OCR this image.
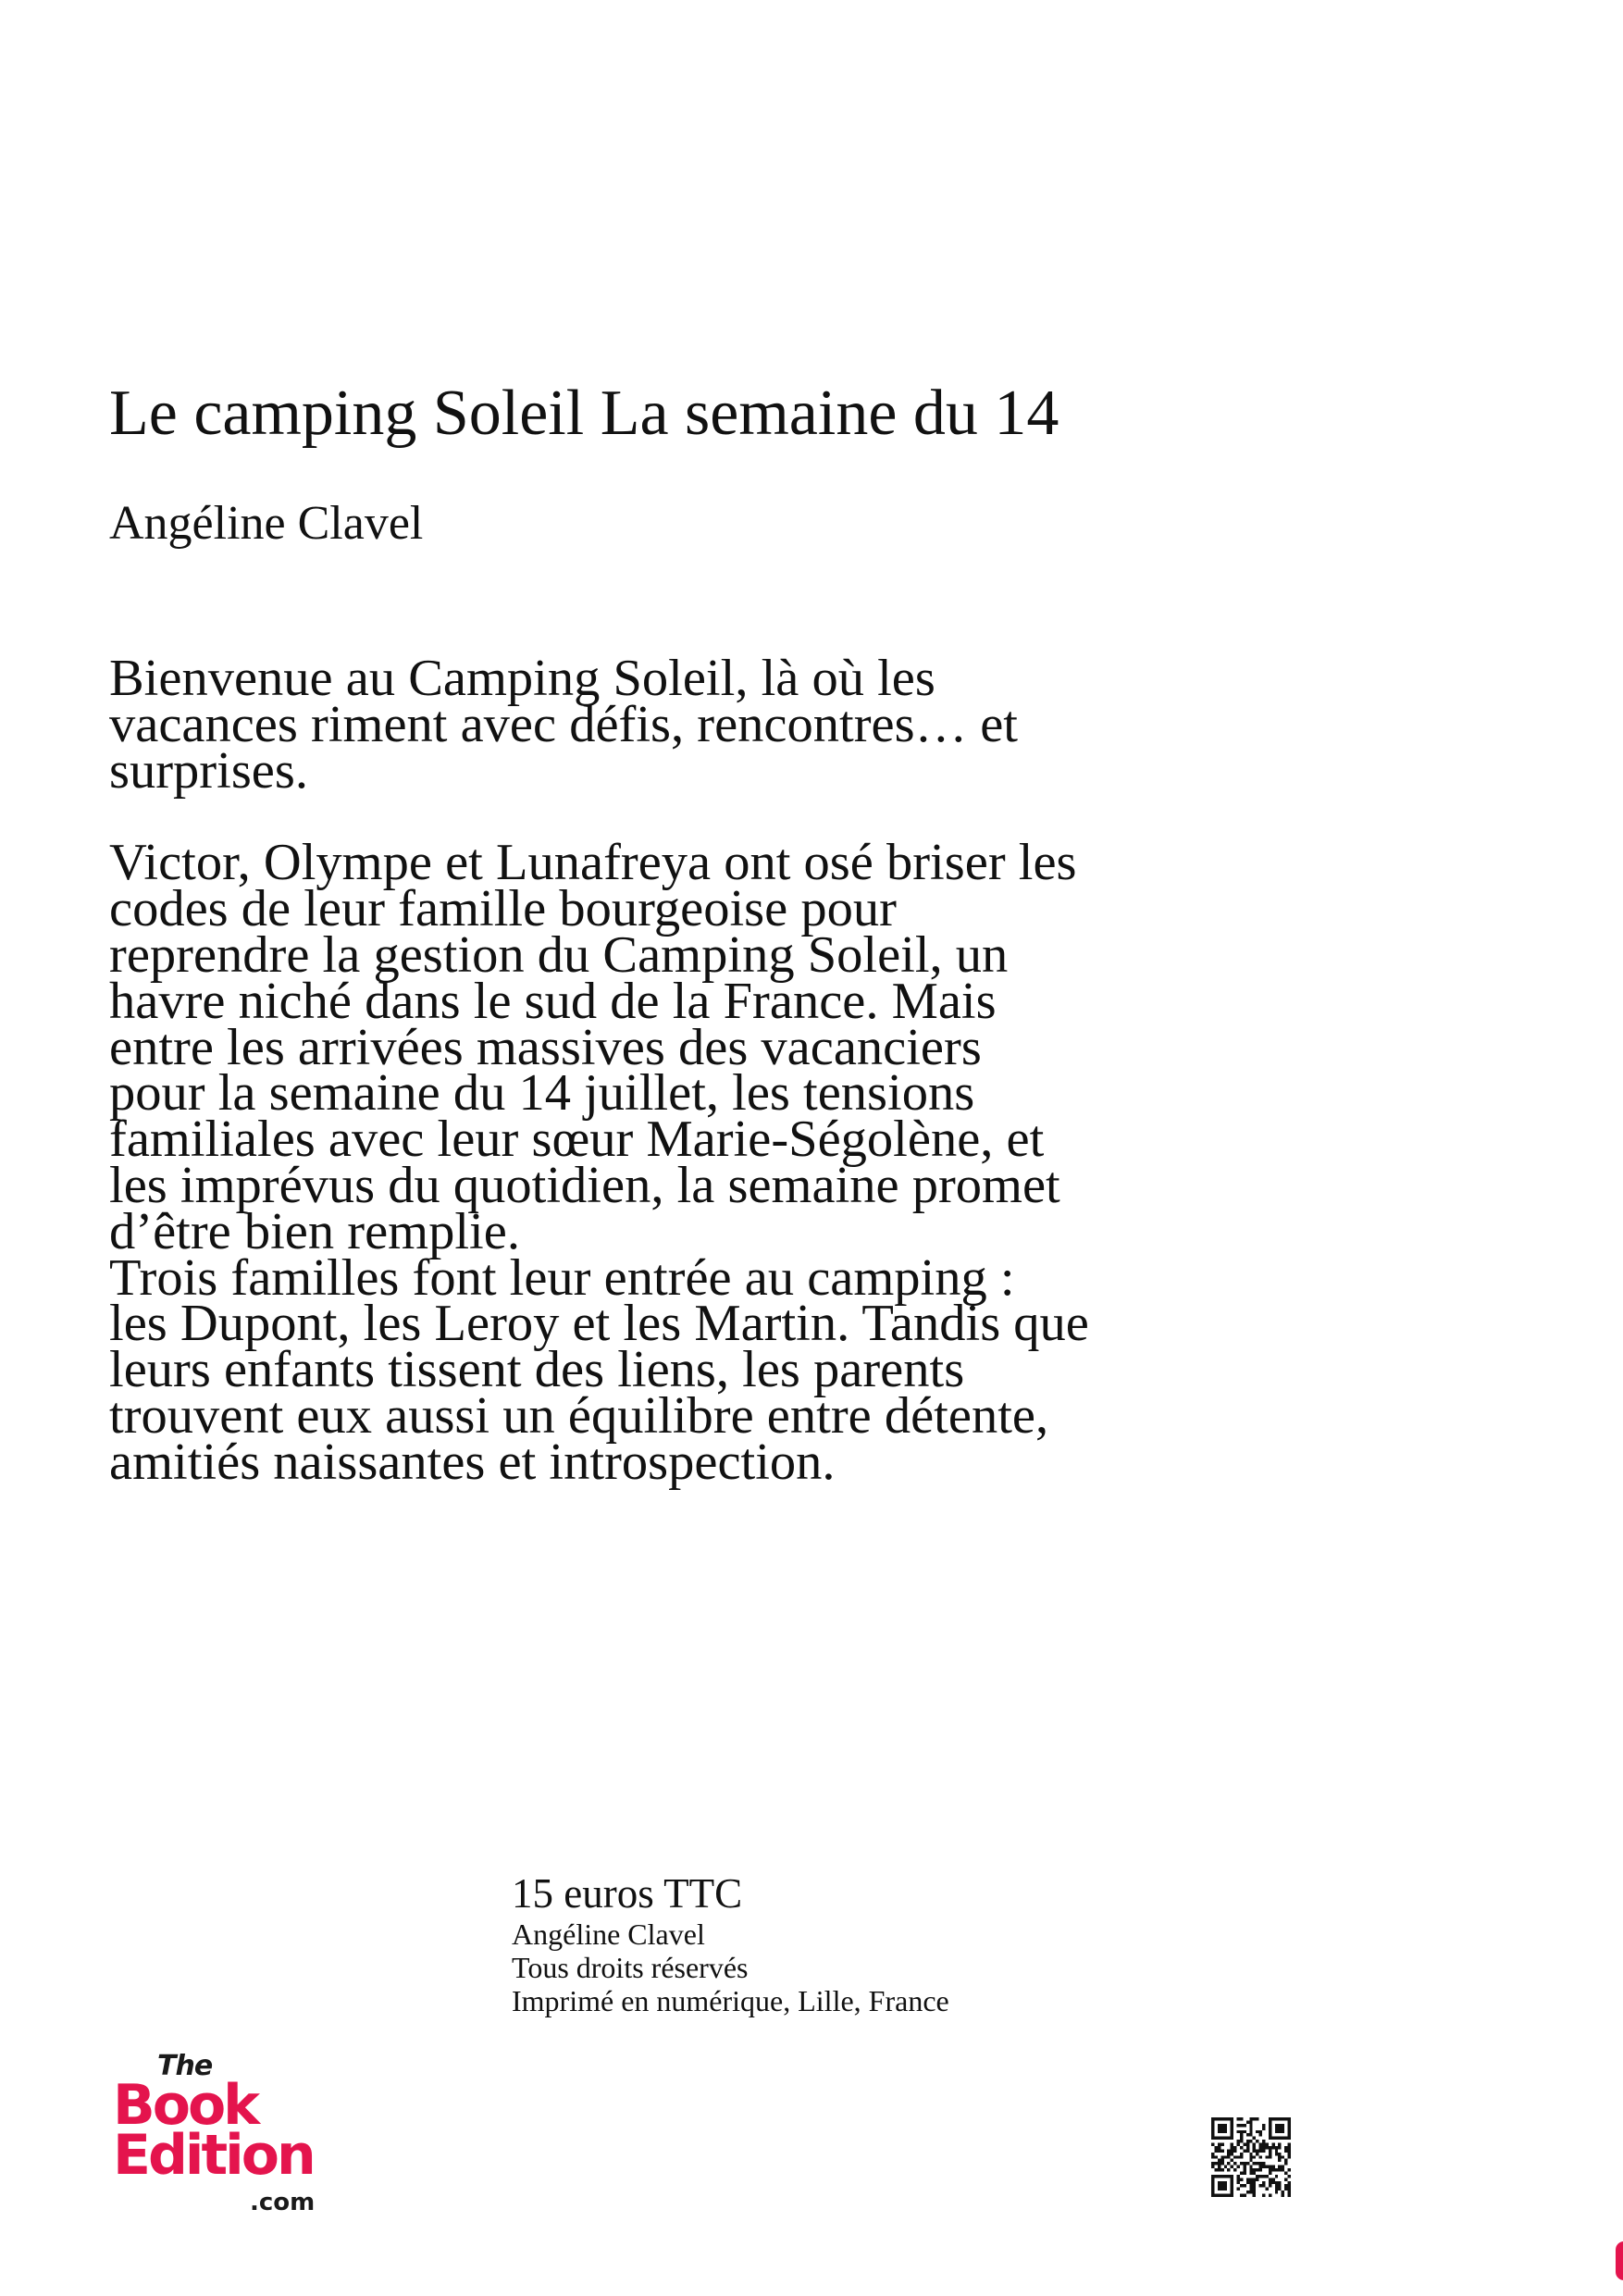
Le camping Soleil La semaine du 14

Angéline Clavel

Bienvenue au Camping Soleil, là où les
vacances riment avec défis, rencontres… et
surprises.

Victor, Olympe et Lunafreya ont osé briser les
codes de leur famille bourgeoise pour
reprendre la gestion du Camping Soleil, un
havre niché dans le sud de la France. Mais
entre les arrivées massives des vacanciers
pour la semaine du 14 juillet, les tensions
familiales avec leur sœur Marie-Ségolène, et
les imprévus du quotidien, la semaine promet
d’être bien remplie.

Trois familles font leur entrée au camping :
les Dupont, les Leroy et les Martin. Tandis que
leurs enfants tissent des liens, les parents
trouvent eux aussi un équilibre entre détente,
amitiés naissantes et introspection.

15 euros TTC
Angéline Clavel
Tous droits réservés
Imprimé en numérique, Lille, France
The
Book
Edition
.com
